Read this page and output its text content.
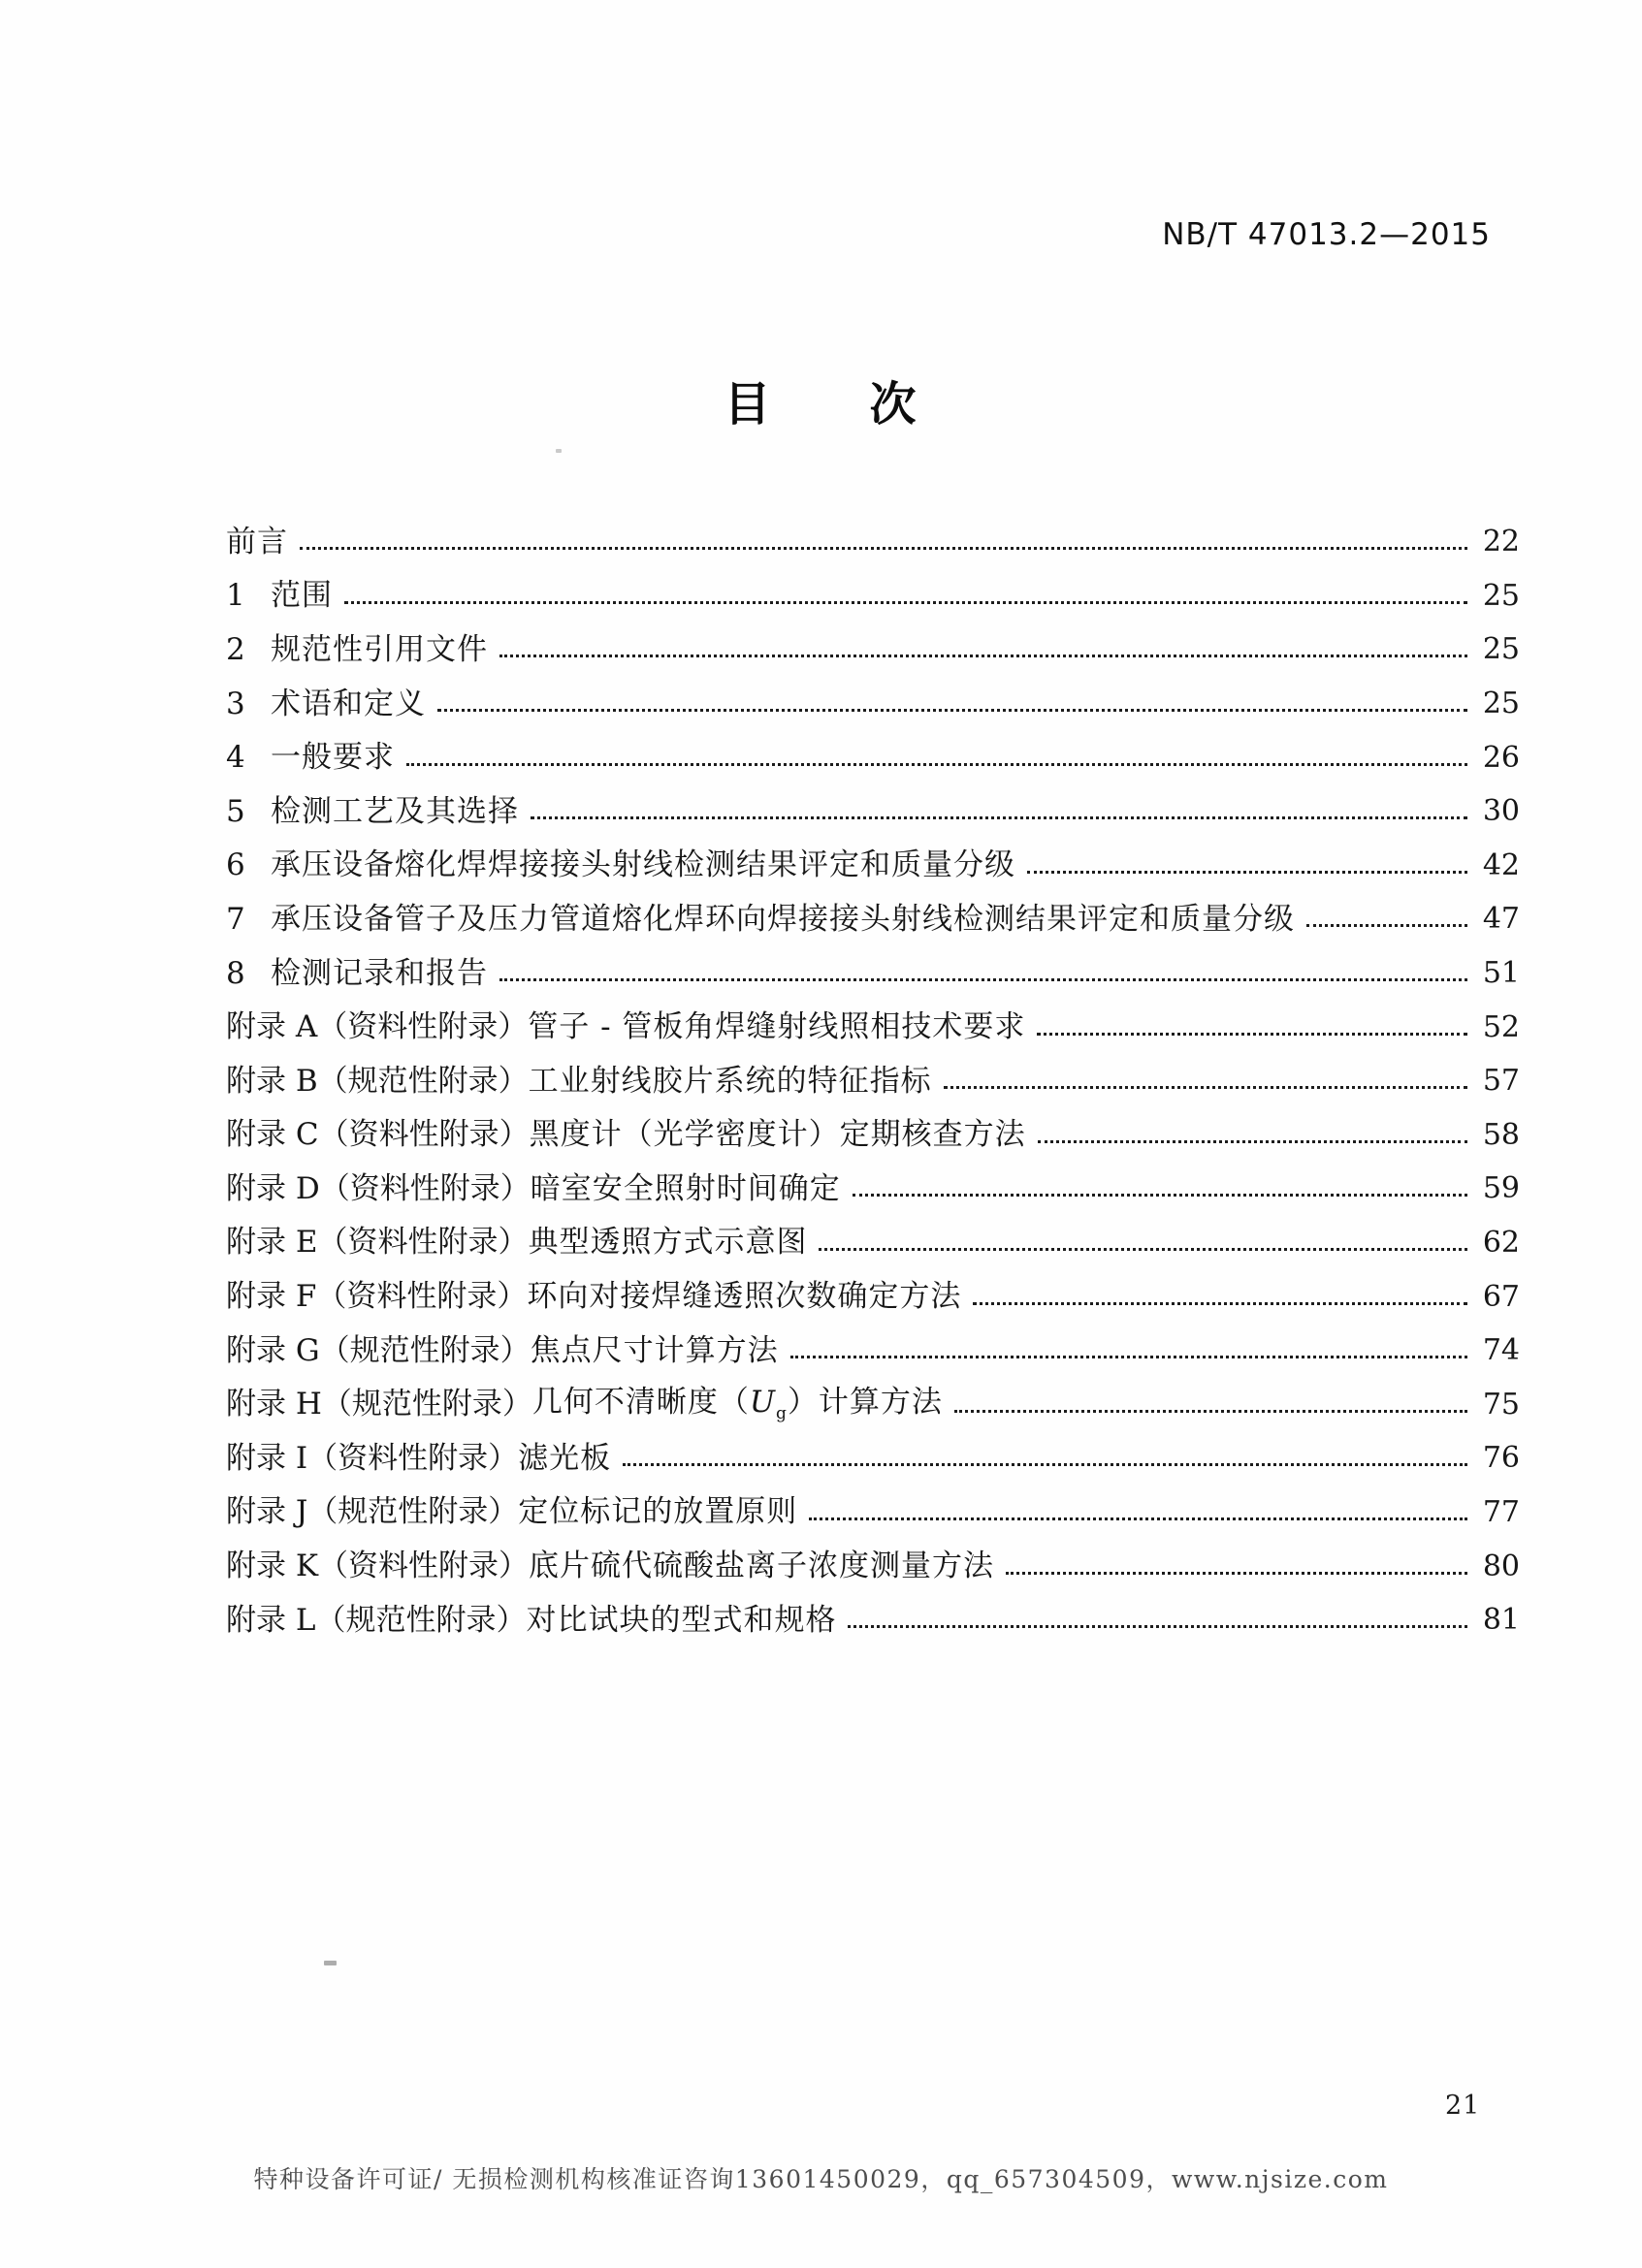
NB/T 47013.2—2015
目　　次
前言	22
1 范围	25
2 规范性引用文件	25
3 术语和定义	25
4 一般要求	26
5 检测工艺及其选择	30
6 承压设备熔化焊焊接接头射线检测结果评定和质量分级	42
7 承压设备管子及压力管道熔化焊环向焊接接头射线检测结果评定和质量分级	47
8 检测记录和报告	51
附录 A（资料性附录） 管子 - 管板角焊缝射线照相技术要求	52
附录 B（规范性附录） 工业射线胶片系统的特征指标	57
附录 C（资料性附录） 黑度计（光学密度计）定期核查方法	58
附录 D（资料性附录） 暗室安全照射时间确定	59
附录 E（资料性附录） 典型透照方式示意图	62
附录 F（资料性附录） 环向对接焊缝透照次数确定方法	67
附录 G（规范性附录） 焦点尺寸计算方法	74
附录 H（规范性附录） 几何不清晰度$(U_g)$计算方法	75
附录 I（资料性附录） 滤光板	76
附录 J（规范性附录） 定位标记的放置原则	77
附录 K（资料性附录） 底片硫代硫酸盐离子浓度测量方法	80
附录 L（规范性附录） 对比试块的型式和规格	81
21
特种设备许可证/ 无损检测机构核准证咨询13601450029，qq_657304509，www.njsize.com
